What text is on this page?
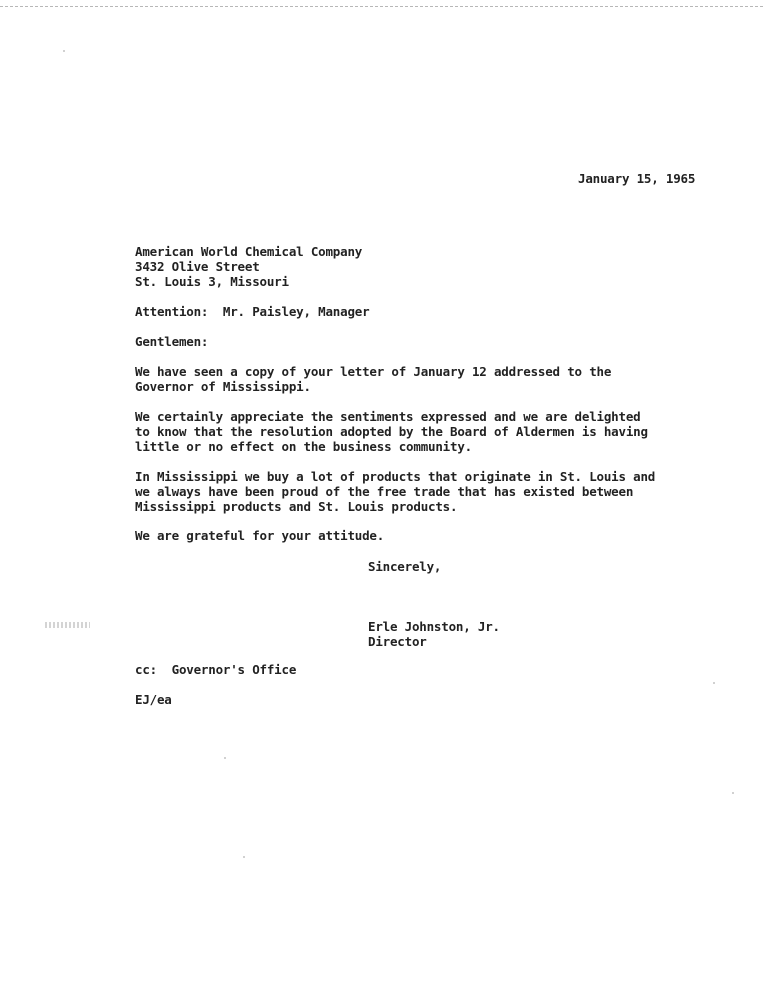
January 15, 1965
American World Chemical Company
3432 Olive Street
St. Louis 3, Missouri
Attention:  Mr. Paisley, Manager
Gentlemen:
We have seen a copy of your letter of January 12 addressed to the
Governor of Mississippi.
We certainly appreciate the sentiments expressed and we are delighted
to know that the resolution adopted by the Board of Aldermen is having
little or no effect on the business community.
In Mississippi we buy a lot of products that originate in St. Louis and
we always have been proud of the free trade that has existed between
Mississippi products and St. Louis products.
We are grateful for your attitude.
Sincerely,
Erle Johnston, Jr.
Director
cc:  Governor's Office
EJ/ea
